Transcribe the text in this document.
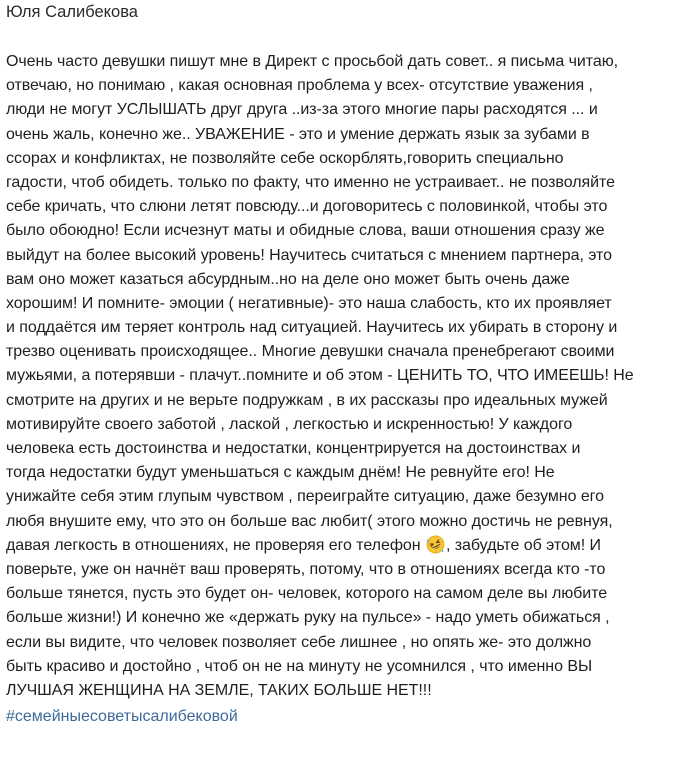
Юля Салибекова
Очень часто девушки пишут мне в Директ с просьбой дать совет.. я письма читаю,
отвечаю, но понимаю , какая основная проблема у всех- отсутствие уважения ,
люди не могут УСЛЫШАТЬ друг друга ..из-за этого многие пары расходятся ... и
очень жаль, конечно же.. УВАЖЕНИЕ - это и умение держать язык за зубами в
ссорах и конфликтах, не позволяйте себе оскорблять,говорить специально
гадости, чтоб обидеть. только по факту, что именно не устраивает.. не позволяйте
себе кричать, что слюни летят повсюду...и договоритесь с половинкой, чтобы это
было обоюдно! Если исчезнут маты и обидные слова, ваши отношения сразу же
выйдут на более высокий уровень! Научитесь считаться с мнением партнера, это
вам оно может казаться абсурдным..но на деле оно может быть очень даже
хорошим! И помните- эмоции ( негативные)- это наша слабость, кто их проявляет
и поддаётся им теряет контроль над ситуацией. Научитесь их убирать в сторону и
трезво оценивать происходящее.. Многие девушки сначала пренебрегают своими
мужьями, а потерявши - плачут..помните и об этом - ЦЕНИТЬ ТО, ЧТО ИМЕЕШЬ! Не
смотрите на других и не верьте подружкам , в их рассказы про идеальных мужей
мотивируйте своего заботой , лаской , легкостью и искренностью! У каждого
человека есть достоинства и недостатки, концентрируется на достоинствах и
тогда недостатки будут уменьшаться с каждым днём! Не ревнуйте его! Не
унижайте себя этим глупым чувством , переиграйте ситуацию, даже безумно его
любя внушите ему, что это он больше вас любит( этого можно достичь не ревнуя,
давая легкость в отношениях, не проверяя его телефон , забудьте об этом! И
поверьте, уже он начнёт ваш проверять, потому, что в отношениях всегда кто -то
больше тянется, пусть это будет он- человек, которого на самом деле вы любите
больше жизни!) И конечно же «держать руку на пульсе» - надо уметь обижаться ,
если вы видите, что человек позволяет себе лишнее , но опять же- это должно
быть красиво и достойно , чтоб он не на минуту не усомнился , что именно ВЫ
ЛУЧШАЯ ЖЕНЩИНА НА ЗЕМЛЕ, ТАКИХ БОЛЬШЕ НЕТ!!!
#семейныесоветысалибековой
